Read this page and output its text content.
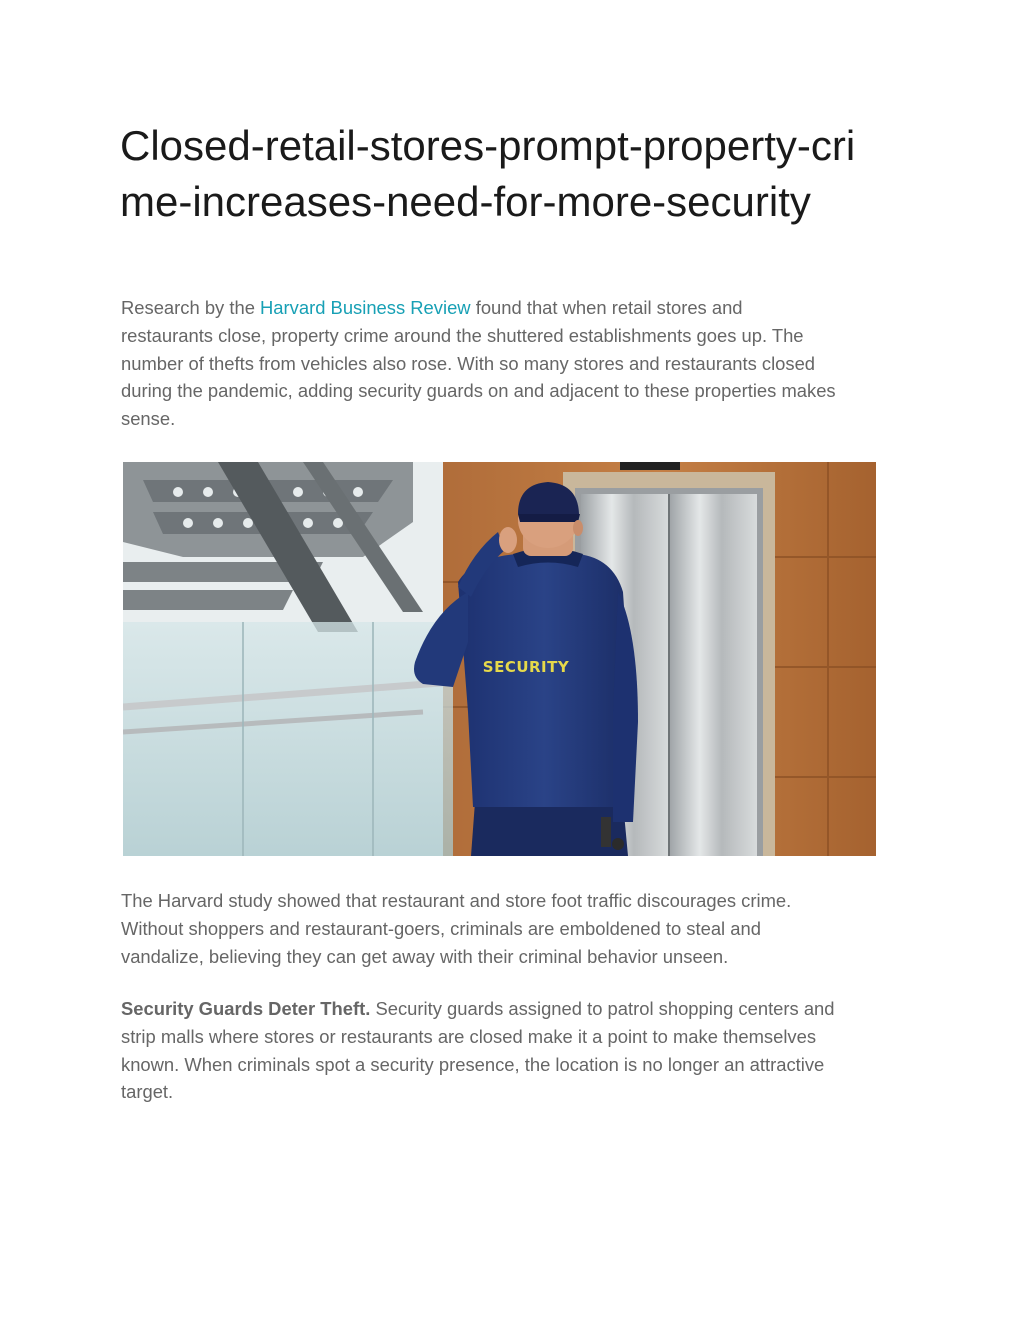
Closed-retail-stores-prompt-property-cri
me-increases-need-for-more-security

Research by the Harvard Business Review found that when retail stores and
restaurants close, property crime around the shuttered establishments goes up. The
number of thefts from vehicles also rose. With so many stores and restaurants closed
during the pandemic, adding security guards on and adjacent to these properties makes
sense.

SECURITY

The Harvard study showed that restaurant and store foot traffic discourages crime.
Without shoppers and restaurant-goers, criminals are emboldened to steal and
vandalize, believing they can get away with their criminal behavior unseen.

Security Guards Deter Theft. Security guards assigned to patrol shopping centers and
strip malls where stores or restaurants are closed make it a point to make themselves
known. When criminals spot a security presence, the location is no longer an attractive
target.
